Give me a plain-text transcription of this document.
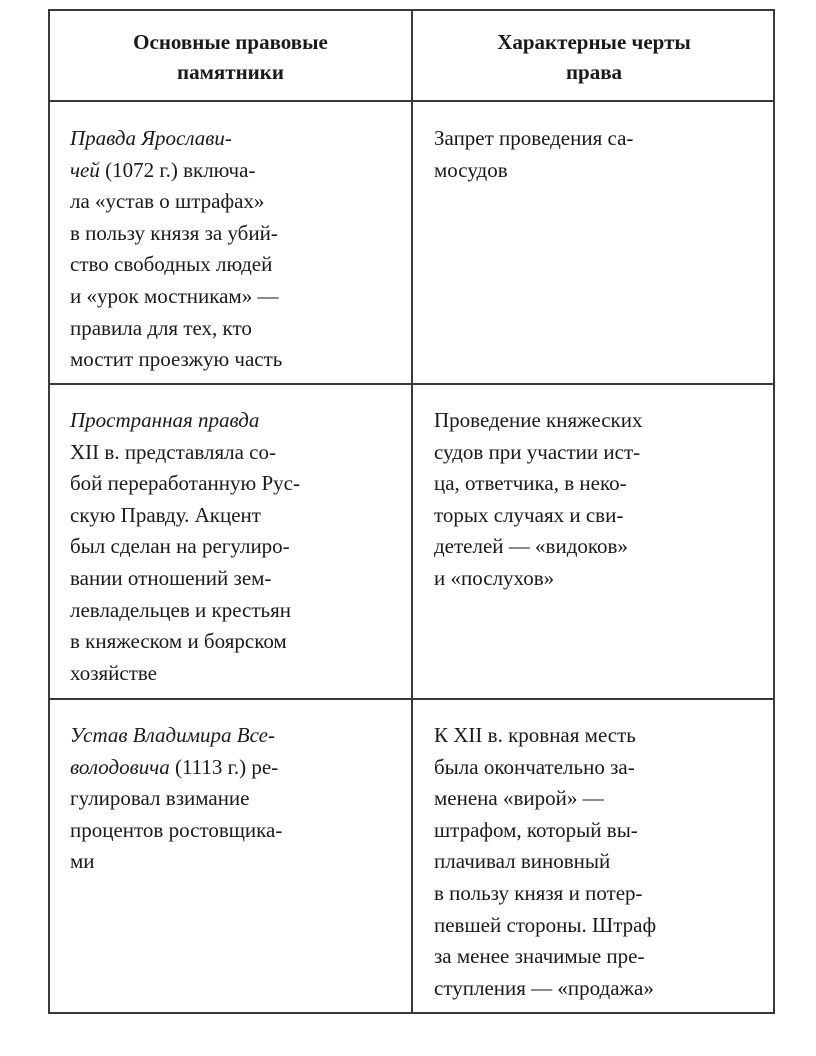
Основные правовые
памятники
Характерные черты
права
Правда Ярослави-
чей (1072 г.) включа-
ла «устав о штрафах»
в пользу князя за убий-
ство свободных людей
и «урок мостникам» —
правила для тех, кто
мостит проезжую часть
Запрет проведения са-
мосудов
Пространная правда
XII в. представляла со-
бой переработанную Рус-
скую Правду. Акцент
был сделан на регулиро-
вании отношений зем-
левладельцев и крестьян
в княжеском и боярском
хозяйстве
Проведение княжеских
судов при участии ист-
ца, ответчика, в неко-
торых случаях и сви-
детелей — «видоков»
и «послухов»
Устав Владимира Все-
володовича (1113 г.) ре-
гулировал взимание
процентов ростовщика-
ми
К XII в. кровная месть
была окончательно за-
менена «вирой» —
штрафом, который вы-
плачивал виновный
в пользу князя и потер-
певшей стороны. Штраф
за менее значимые пре-
ступления — «продажа»
